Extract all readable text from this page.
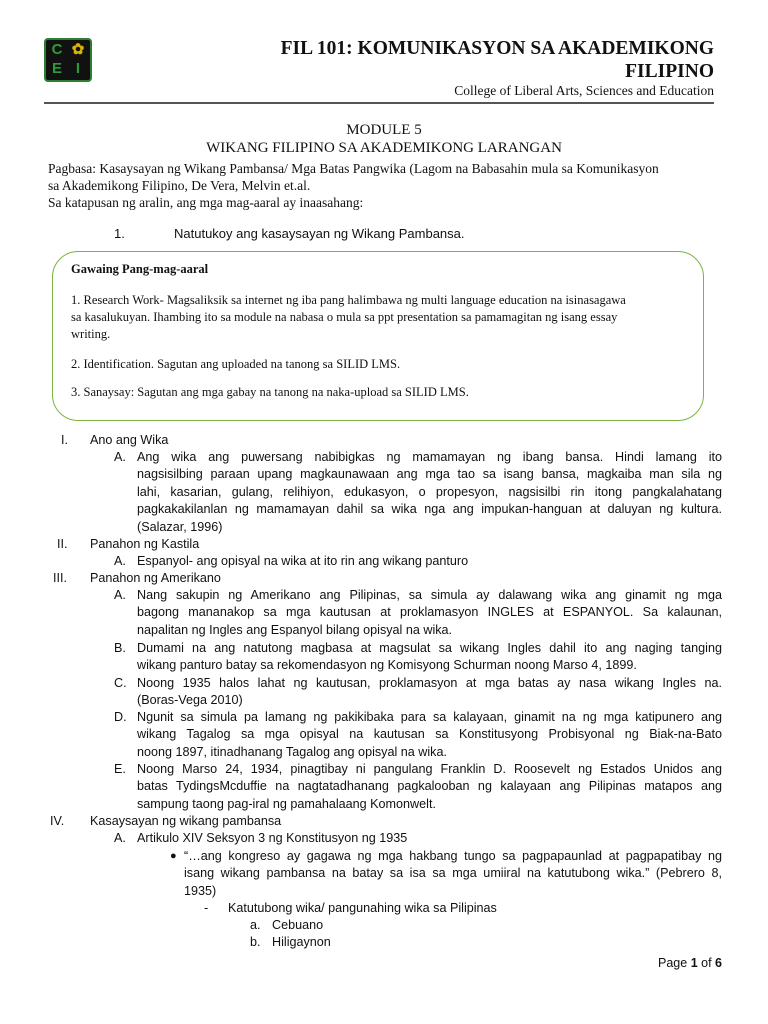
C ✿
E I
FIL 101: KOMUNIKASYON SA AKADEMIKONG
FILIPINO
College of Liberal Arts, Sciences and Education
MODULE 5
WIKANG FILIPINO SA AKADEMIKONG LARANGAN
Pagbasa: Kasaysayan ng Wikang Pambansa/ Mga Batas Pangwika (Lagom na Babasahin mula sa Komunikasyon
sa Akademikong Filipino, De Vera, Melvin et.al.
Sa katapusan ng aralin, ang mga mag-aaral ay inaasahang:
1.	Natutukoy ang kasaysayan ng Wikang Pambansa.
Gawaing Pang-mag-aaral
1. Research Work- Magsaliksik sa internet ng iba pang halimbawa ng multi language education na isinasagawa
sa kasalukuyan. Ihambing ito sa module na nabasa o mula sa ppt presentation sa pamamagitan ng isang essay
writing.
2. Identification. Sagutan ang uploaded na tanong sa SILID LMS.
3. Sanaysay: Sagutan ang mga gabay na tanong na naka-upload sa SILID LMS.
I. Ano ang Wika
A. Ang wika ang puwersang nabibigkas ng mamamayan ng ibang bansa. Hindi lamang ito
nagsisilbing paraan upang magkaunawaan ang mga tao sa isang bansa, magkaiba man sila ng
lahi, kasarian, gulang, relihiyon, edukasyon, o propesyon, nagsisilbi rin itong pangkalahatang
pagkakakilanlan ng mamamayan dahil sa wika nga ang impukan-hanguan at daluyan ng kultura.
(Salazar, 1996)
II. Panahon ng Kastila
A. Espanyol- ang opisyal na wika at ito rin ang wikang panturo
III. Panahon ng Amerikano
A. Nang sakupin ng Amerikano ang Pilipinas, sa simula ay dalawang wika ang ginamit ng mga
bagong mananakop sa mga kautusan at proklamasyon INGLES at ESPANYOL. Sa kalaunan,
napalitan ng Ingles ang Espanyol bilang opisyal na wika.
B. Dumami na ang natutong magbasa at magsulat sa wikang Ingles dahil ito ang naging tanging
wikang panturo batay sa rekomendasyon ng Komisyong Schurman noong Marso 4, 1899.
C. Noong 1935 halos lahat ng kautusan, proklamasyon at mga batas ay nasa wikang Ingles na.
(Boras-Vega 2010)
D. Ngunit sa simula pa lamang ng pakikibaka para sa kalayaan, ginamit na ng mga katipunero ang
wikang Tagalog sa mga opisyal na kautusan sa Konstitusyong Probisyonal ng Biak-na-Bato
noong 1897, itinadhanang Tagalog ang opisyal na wika.
E. Noong Marso 24, 1934, pinagtibay ni pangulang Franklin D. Roosevelt ng Estados Unidos ang
batas TydingsMcduffie na nagtatadhanang pagkalooban ng kalayaan ang Pilipinas matapos ang
sampung taong pag-iral ng pamahalaang Komonwelt.
IV. Kasaysayan ng wikang pambansa
A. Artikulo XIV Seksyon 3 ng Konstitusyon ng 1935
● “…ang kongreso ay gagawa ng mga hakbang tungo sa pagpapaunlad at pagpapatibay ng
isang wikang pambansa na batay sa isa sa mga umiiral na katutubong wika.” (Pebrero 8,
1935)
- Katutubong wika/ pangunahing wika sa Pilipinas
a. Cebuano
b. Hiligaynon
Page 1 of 6
